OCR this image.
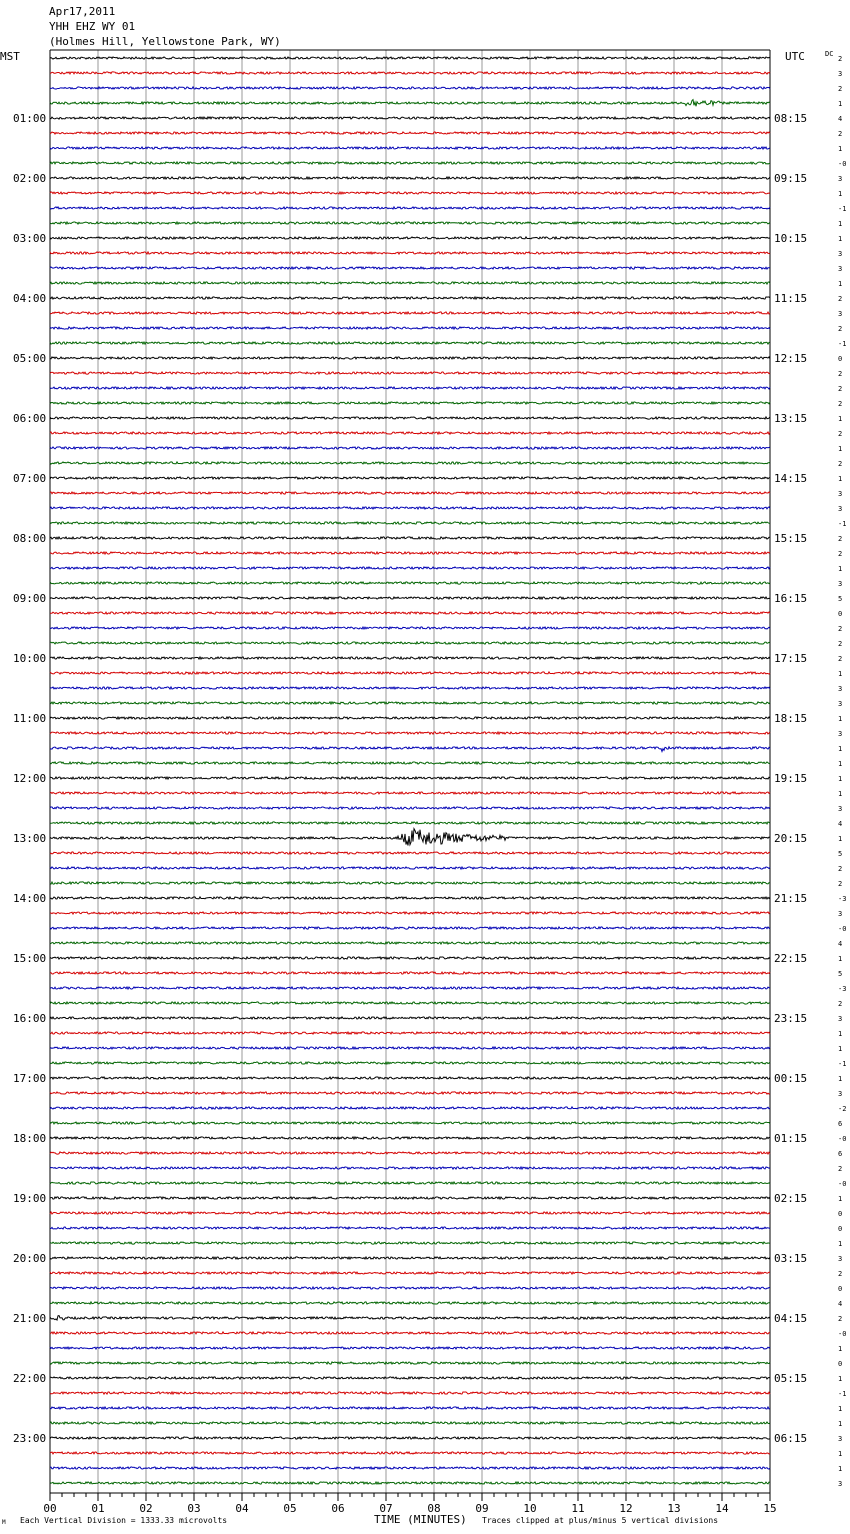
Apr17,2011
YHH EHZ WY 01
(Holmes Hill, Yellowstone Park, WY)
MST	UTC	DC
01:00
02:00
03:00
04:00
05:00
06:00
07:00
08:00
09:00
10:00
11:00
12:00
13:00
14:00
15:00
16:00
17:00
18:00
19:00
20:00
21:00
22:00
23:00
08:15
09:15
10:15
11:15
12:15
13:15
14:15
15:15
16:15
17:15
18:15
19:15
20:15
21:15
22:15
23:15
00:15
01:15
02:15
03:15
04:15
05:15
06:15
2
3
2
1
4
2
1
-0
3
1
-1
1
1
3
3
1
2
3
2
-1
0
2
2
2
1
2
1
2
1
3
3
-1
2
2
1
3
5
0
2
2
2
1
3
3
1
3
1
1
1
1
3
4
1
5
2
2
-3
3
-0
4
1
5
-3
2
3
1
1
-1
1
3
-2
6
-0
6
2
-0
1
0
0
1
3
2
0
4
2
-0
1
0
1
-1
1
1
3
1
1
3
00	01	02	03	04	05	06	07	08	09	10	11	12	13	14	15
M Each Vertical Division = 1333.33 microvolts	TIME (MINUTES) Traces clipped at plus/minus 5 vertical divisions
